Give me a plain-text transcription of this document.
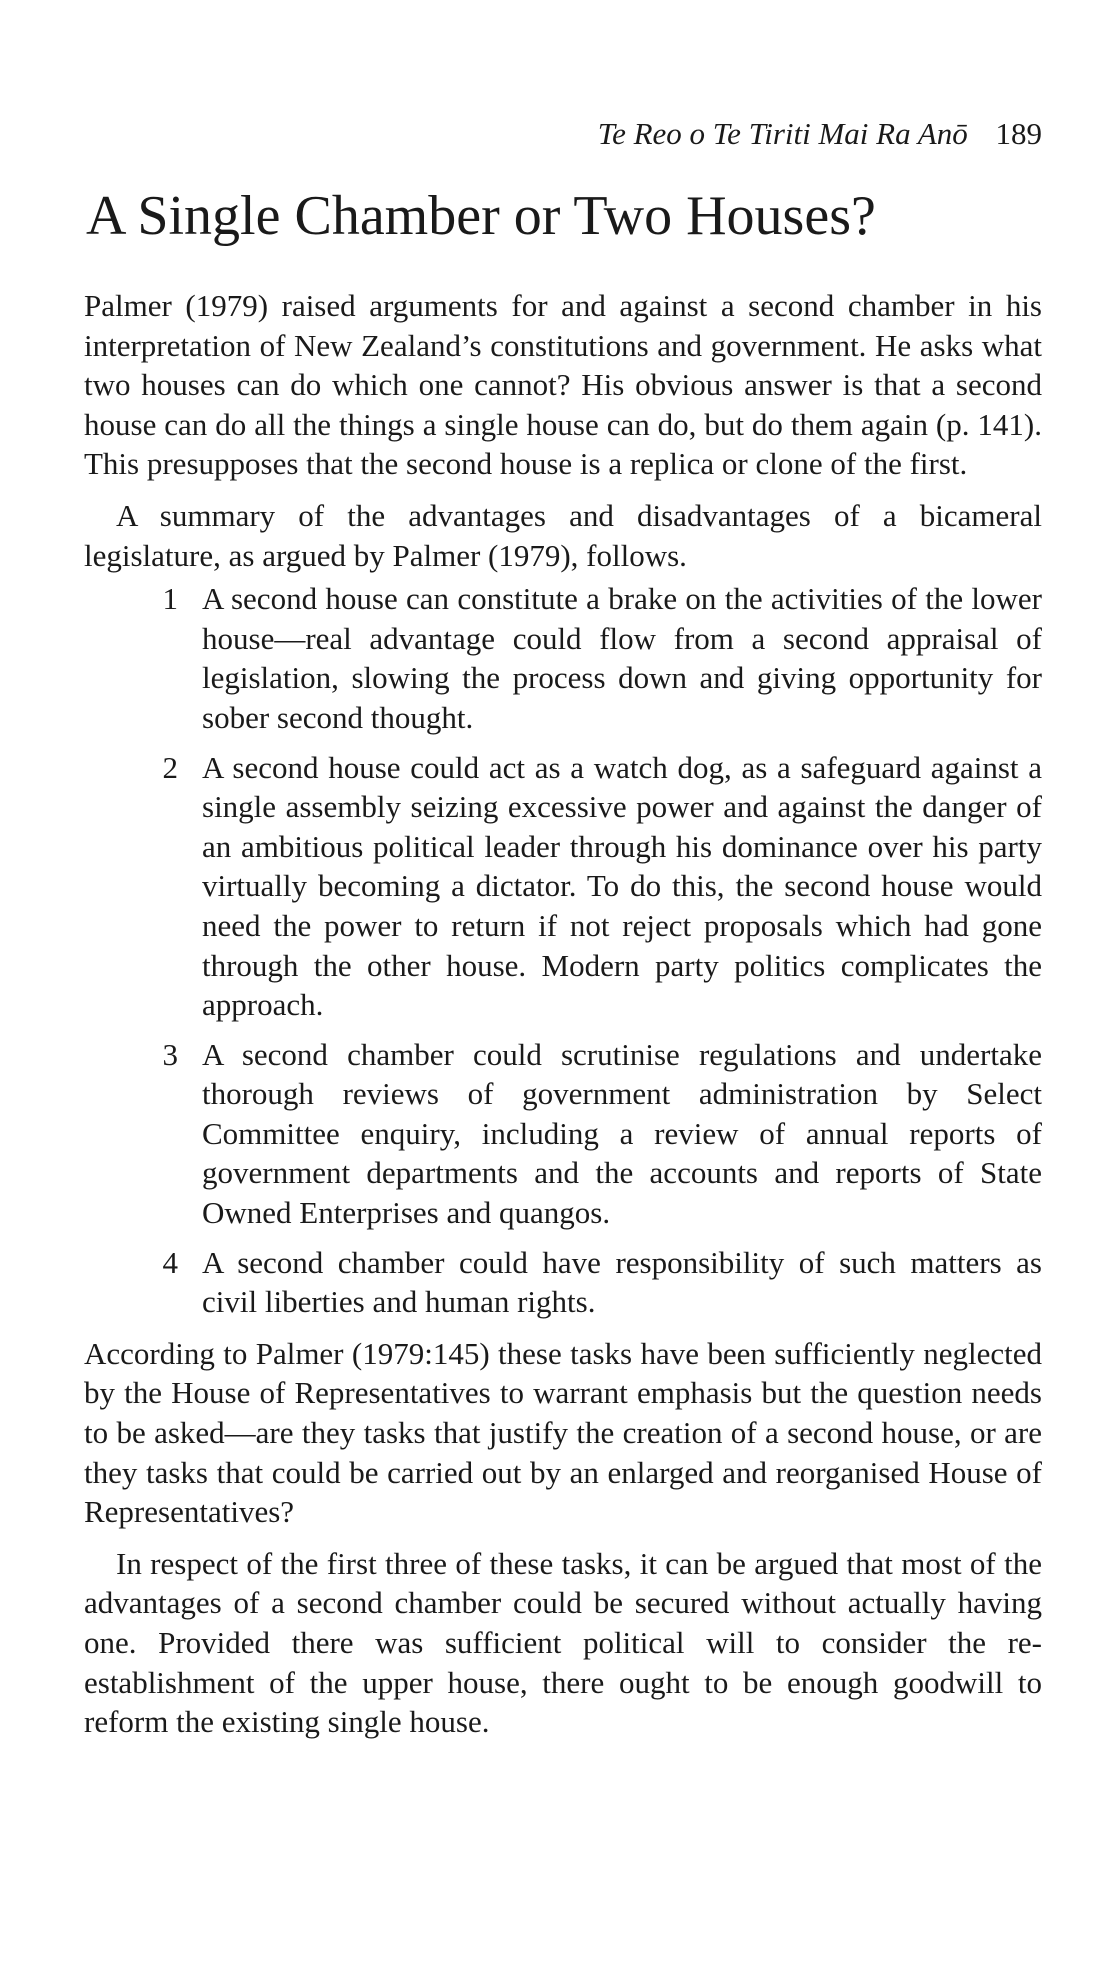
Te Reo o Te Tiriti Mai Ra Anō 189
A Single Chamber or Two Houses?

Palmer (1979) raised arguments for and against a second chamber in his interpretation of New Zealand’s constitutions and government. He asks what two houses can do which one cannot? His obvious answer is that a second house can do all the things a single house can do, but do them again (p. 141). This presupposes that the second house is a replica or clone of the first.

A summary of the advantages and disadvantages of a bicameral legislature, as argued by Palmer (1979), follows.

1 A second house can constitute a brake on the activities of the lower house—real advantage could flow from a second appraisal of legislation, slowing the process down and giving opportunity for sober second thought.

2 A second house could act as a watch dog, as a safeguard against a single assembly seizing excessive power and against the danger of an ambitious political leader through his dominance over his party virtually becoming a dictator. To do this, the second house would need the power to return if not reject proposals which had gone through the other house. Modern party politics complicates the approach.

3 A second chamber could scrutinise regulations and undertake thorough reviews of government administration by Select Committee enquiry, including a review of annual reports of government departments and the accounts and reports of State Owned Enterprises and quangos.

4 A second chamber could have responsibility of such matters as civil liberties and human rights.

According to Palmer (1979:145) these tasks have been sufficiently neglected by the House of Representatives to warrant emphasis but the question needs to be asked—are they tasks that justify the creation of a second house, or are they tasks that could be carried out by an enlarged and reorganised House of Representatives?

In respect of the first three of these tasks, it can be argued that most of the advantages of a second chamber could be secured without actually having one. Provided there was sufficient political will to consider the re-establishment of the upper house, there ought to be enough goodwill to reform the existing single house.
